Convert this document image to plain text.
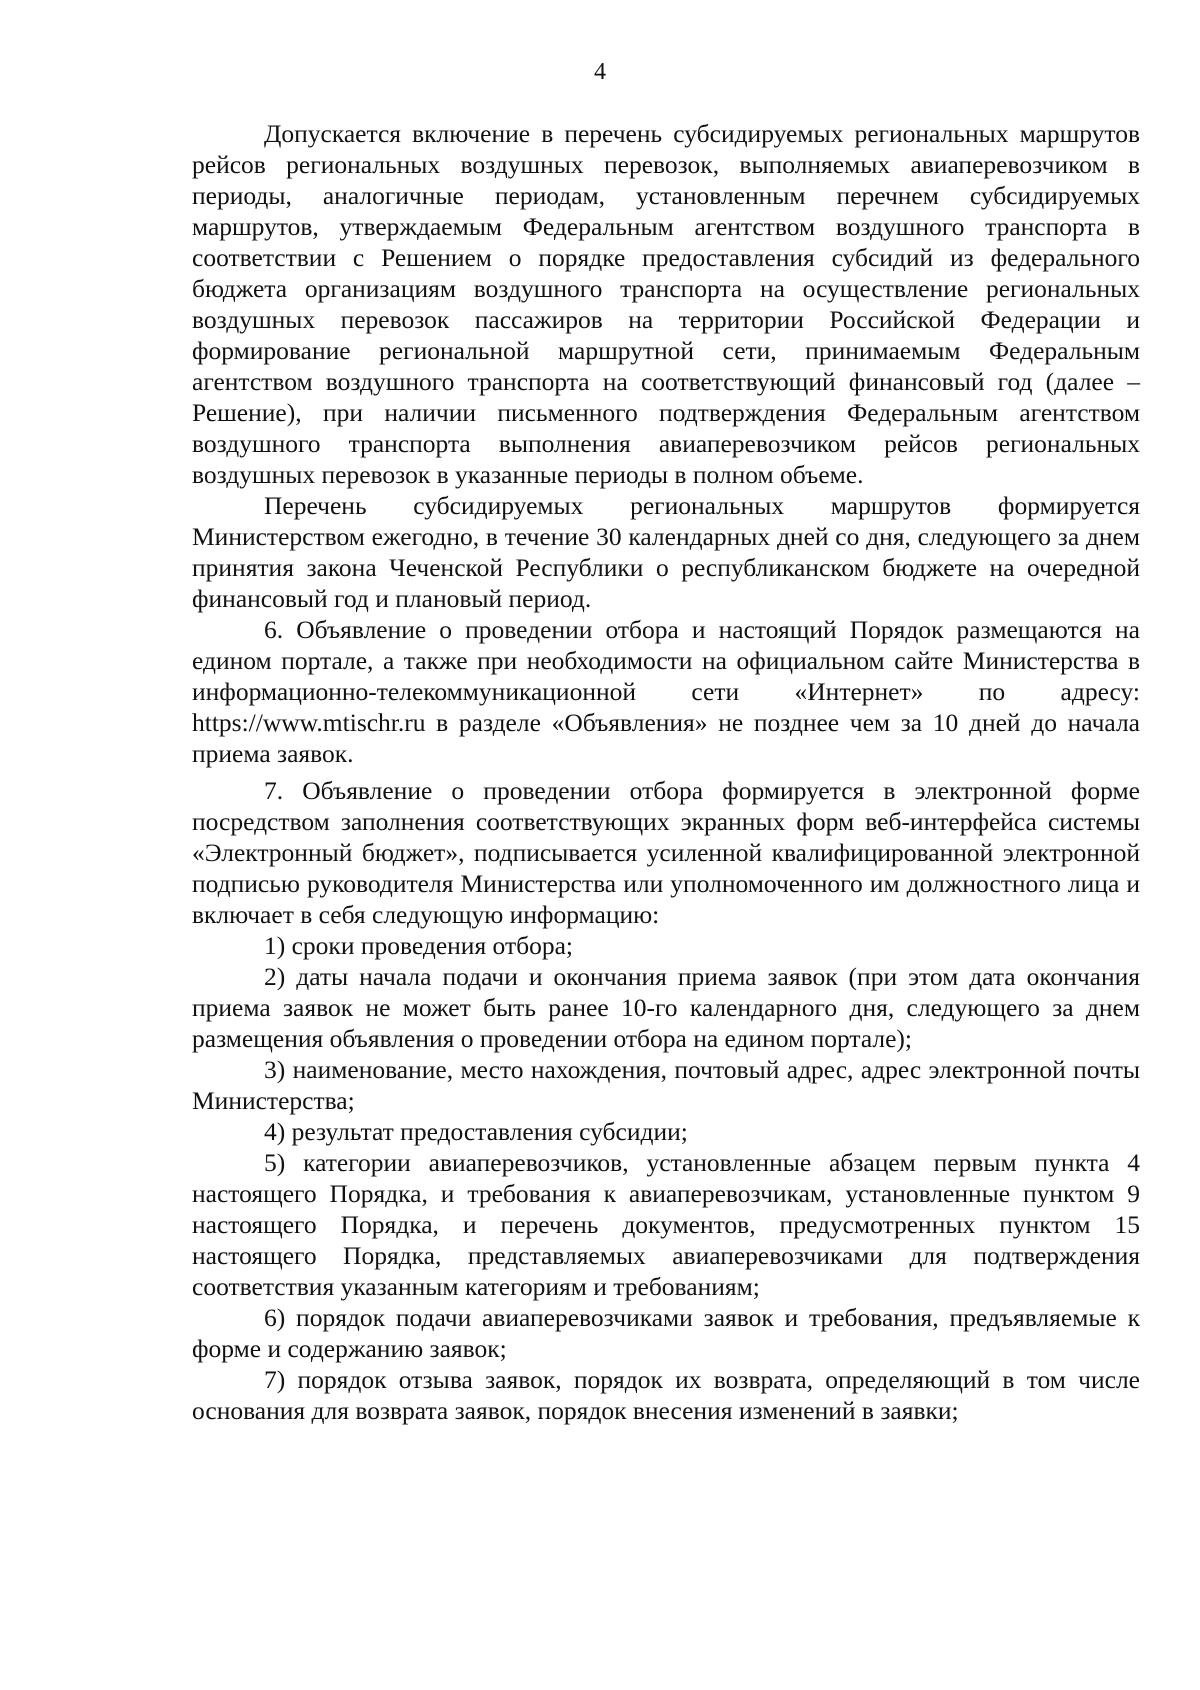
4

Допускается включение в перечень субсидируемых региональных маршрутов рейсов региональных воздушных перевозок, выполняемых авиаперевозчиком в периоды, аналогичные периодам, установленным перечнем субсидируемых маршрутов, утверждаемым Федеральным агентством воздушного транспорта в соответствии с Решением о порядке предоставления субсидий из федерального бюджета организациям воздушного транспорта на осуществление региональных воздушных перевозок пассажиров на территории Российской Федерации и формирование региональной маршрутной сети, принимаемым Федеральным агентством воздушного транспорта на соответствующий финансовый год (далее – Решение), при наличии письменного подтверждения Федеральным агентством воздушного транспорта выполнения авиаперевозчиком рейсов региональных воздушных перевозок в указанные периоды в полном объеме.

Перечень субсидируемых региональных маршрутов формируется Министерством ежегодно, в течение 30 календарных дней со дня, следующего за днем принятия закона Чеченской Республики о республиканском бюджете на очередной финансовый год и плановый период.

6. Объявление о проведении отбора и настоящий Порядок размещаются на едином портале, а также при необходимости на официальном сайте Министерства в информационно-телекоммуникационной сети «Интернет» по адресу: https://www.mtischr.ru в разделе «Объявления» не позднее чем за 10 дней до начала приема заявок.

7. Объявление о проведении отбора формируется в электронной форме посредством заполнения соответствующих экранных форм веб-интерфейса системы «Электронный бюджет», подписывается усиленной квалифицированной электронной подписью руководителя Министерства или уполномоченного им должностного лица и включает в себя следующую информацию:

1) сроки проведения отбора;

2) даты начала подачи и окончания приема заявок (при этом дата окончания приема заявок не может быть ранее 10-го календарного дня, следующего за днем размещения объявления о проведении отбора на едином портале);

3) наименование, место нахождения, почтовый адрес, адрес электронной почты Министерства;

4) результат предоставления субсидии;

5) категории авиаперевозчиков, установленные абзацем первым пункта 4 настоящего Порядка, и требования к авиаперевозчикам, установленные пунктом 9 настоящего Порядка, и перечень документов, предусмотренных пунктом 15 настоящего Порядка, представляемых авиаперевозчиками для подтверждения соответствия указанным категориям и требованиям;

6) порядок подачи авиаперевозчиками заявок и требования, предъявляемые к форме и содержанию заявок;

7) порядок отзыва заявок, порядок их возврата, определяющий в том числе основания для возврата заявок, порядок внесения изменений в заявки;
